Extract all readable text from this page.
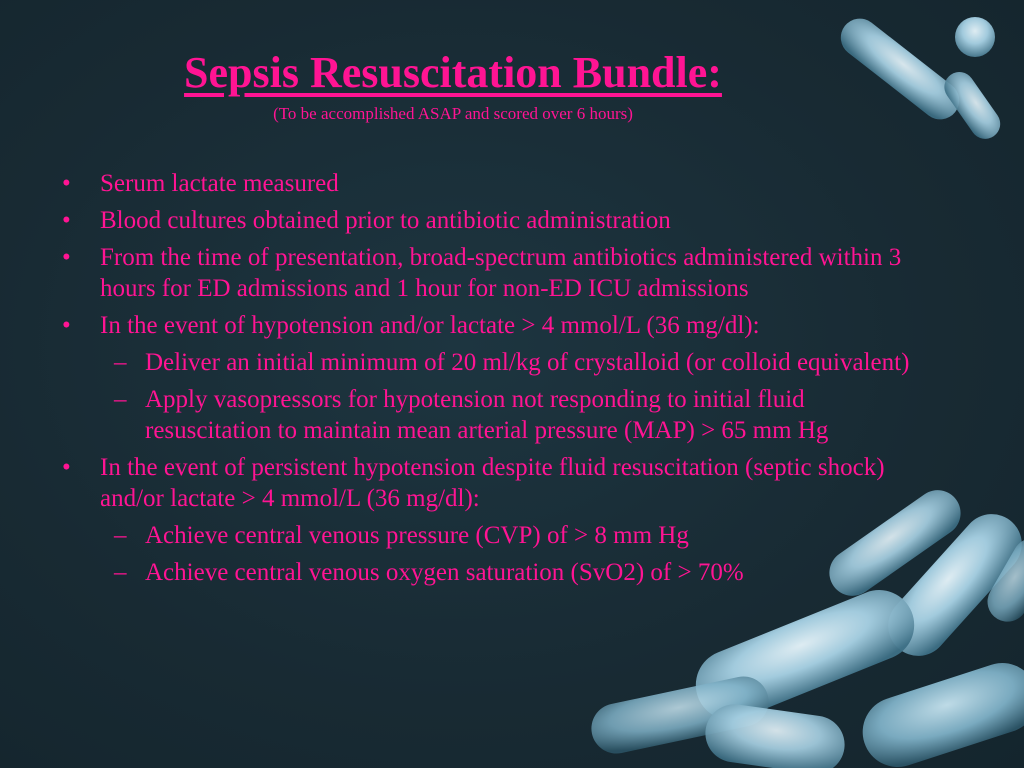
Sepsis Resuscitation Bundle:

(To be accomplished ASAP and scored over 6 hours)

• Serum lactate measured
• Blood cultures obtained prior to antibiotic administration
• From the time of presentation, broad-spectrum antibiotics administered within 3 hours for ED admissions and 1 hour for non-ED ICU admissions
• In the event of hypotension and/or lactate > 4 mmol/L (36 mg/dl):
– Deliver an initial minimum of 20 ml/kg of crystalloid (or colloid equivalent)
– Apply vasopressors for hypotension not responding to initial fluid resuscitation to maintain mean arterial pressure (MAP) > 65 mm Hg
• In the event of persistent hypotension despite fluid resuscitation (septic shock) and/or lactate > 4 mmol/L (36 mg/dl):
– Achieve central venous pressure (CVP) of > 8 mm Hg
– Achieve central venous oxygen saturation (SvO2) of > 70%
